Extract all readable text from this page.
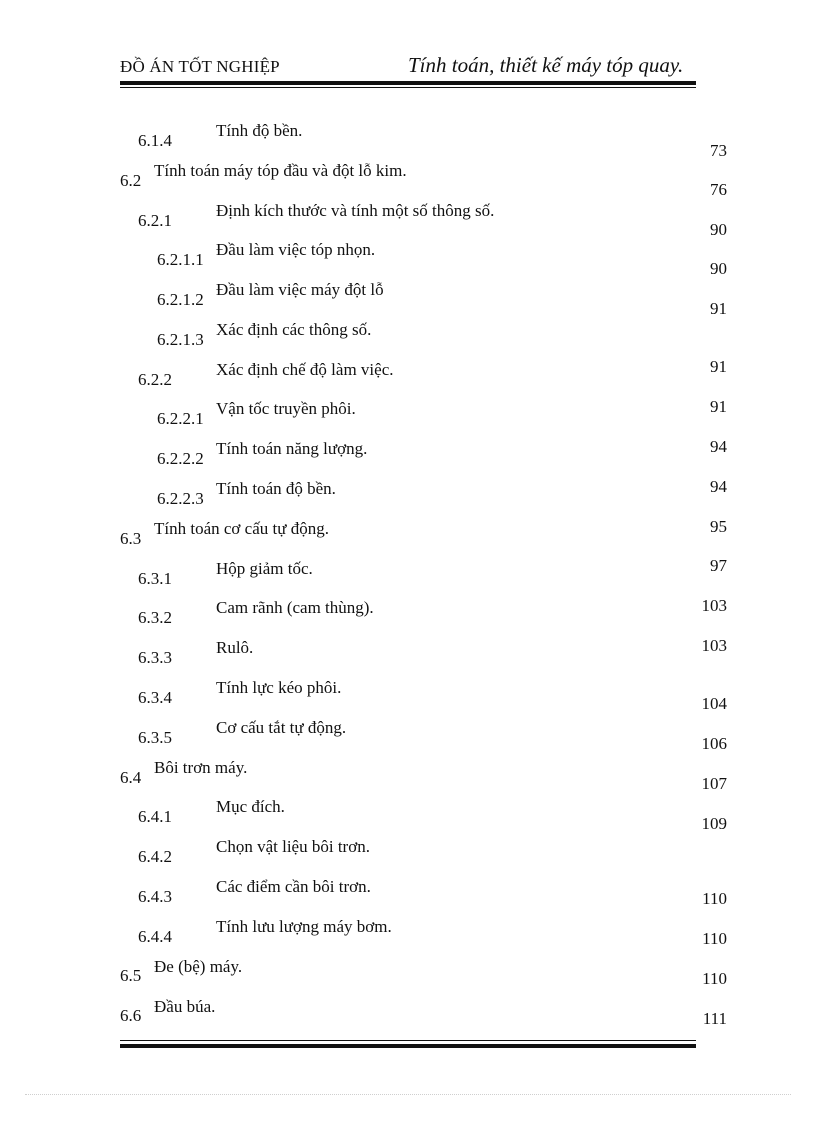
ĐỒ ÁN TỐT NGHIỆP	Tính toán, thiết kế máy tóp quay.
6.1.4
Tính độ bền.
6.2
Tính toán máy tóp đầu và đột lỗ kim.
6.2.1
Định kích thước và tính một số thông số.
6.2.1.1
Đầu làm việc tóp nhọn.
6.2.1.2
Đầu làm việc máy đột lỗ
6.2.1.3
Xác định các thông số.
6.2.2
Xác định chế độ làm việc.
6.2.2.1
Vận tốc truyền phôi.
6.2.2.2
Tính toán năng lượng.
6.2.2.3
Tính toán độ bền.
6.3
Tính toán cơ cấu tự động.
6.3.1
Hộp giảm tốc.
6.3.2
Cam rãnh (cam thùng).
6.3.3
Rulô.
6.3.4
Tính lực kéo phôi.
6.3.5
Cơ cấu tắt tự động.
6.4
Bôi trơn máy.
6.4.1
Mục đích.
6.4.2
Chọn vật liệu bôi trơn.
6.4.3
Các điểm cần bôi trơn.
6.4.4
Tính lưu lượng máy bơm.
6.5 Đe (bệ) máy.
6.6 Đầu búa.
73
76
90
90
91
91
91
94
94
95
97
103
103
104
106
107
109
110
110
110
111
